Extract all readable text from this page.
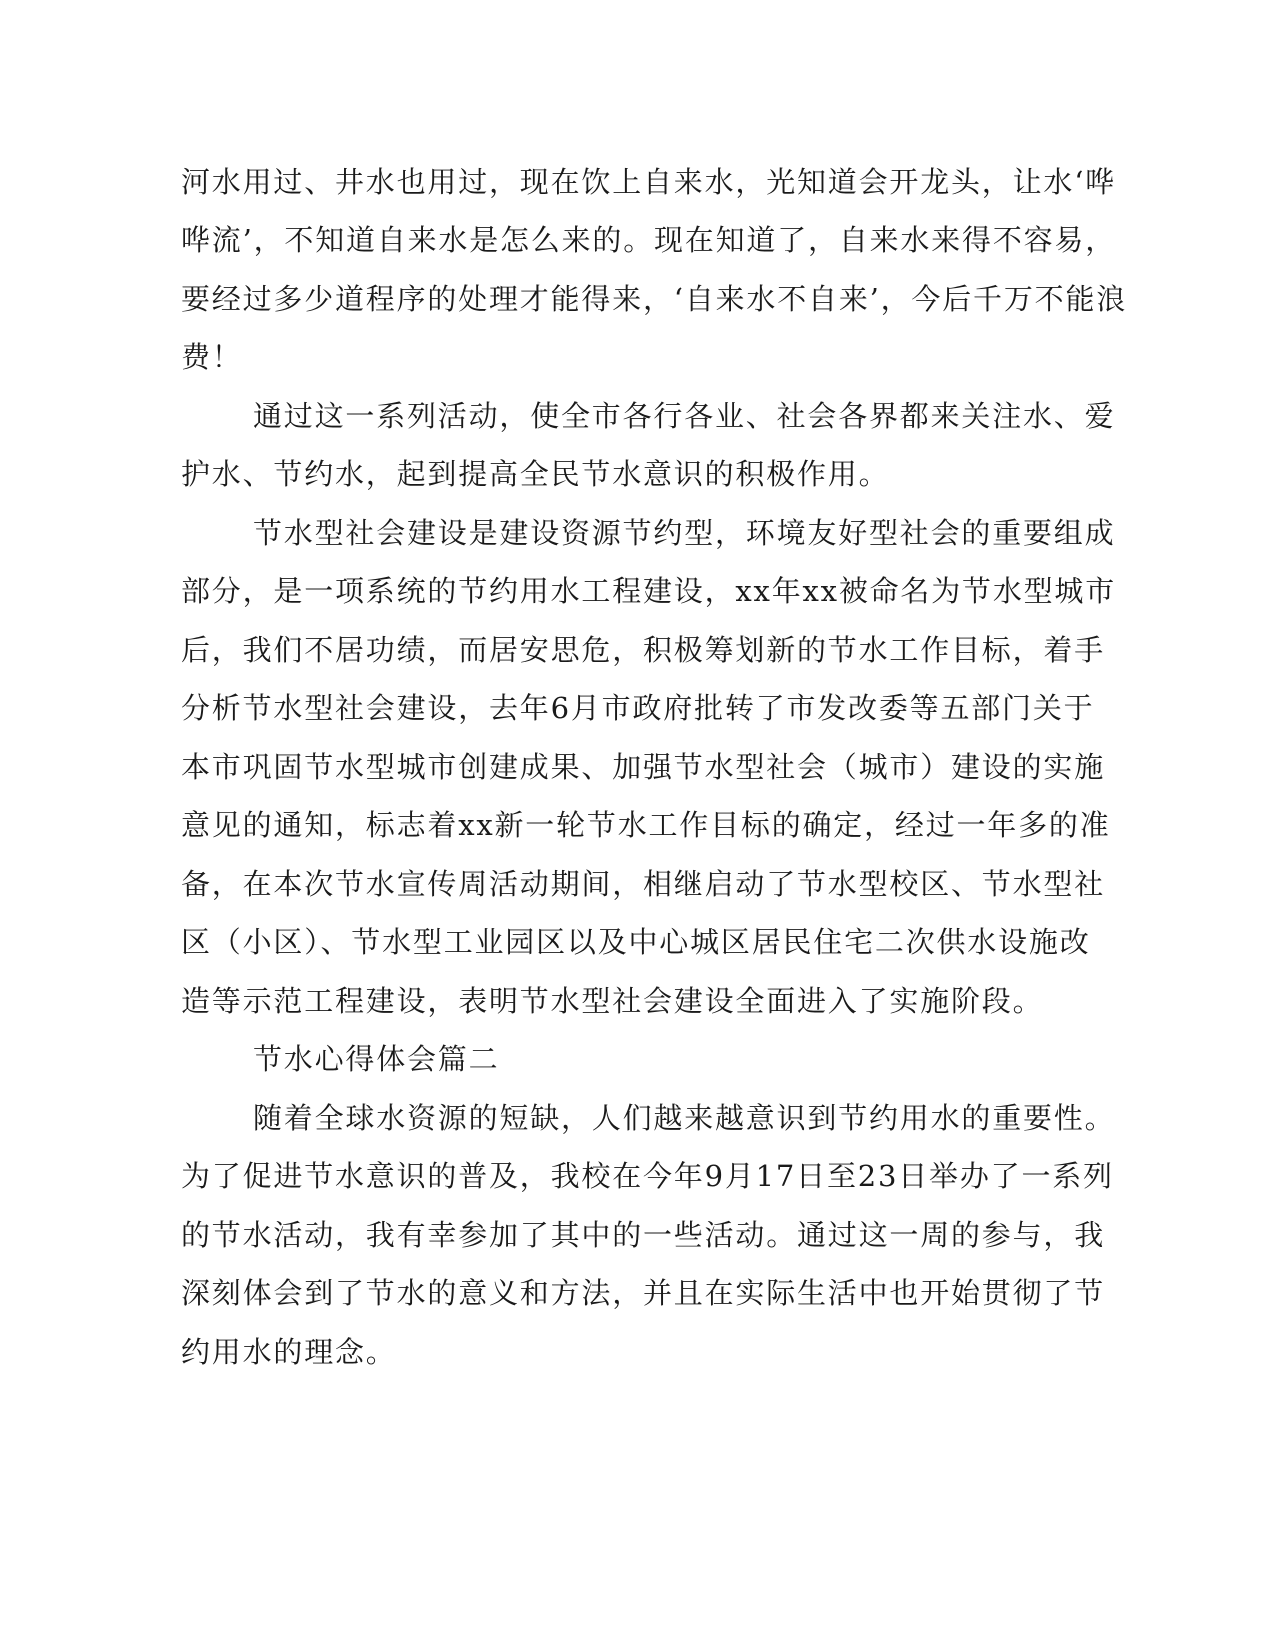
河水用过、井水也用过，现在饮上自来水，光知道会开龙头，让水‘哗
哗流’，不知道自来水是怎么来的。现在知道了，自来水来得不容易，
要经过多少道程序的处理才能得来，‘自来水不自来’，今后千万不能浪
费！
通过这一系列活动，使全市各行各业、社会各界都来关注水、爱
护水、节约水，起到提高全民节水意识的积极作用。
节水型社会建设是建设资源节约型，环境友好型社会的重要组成
部分，是一项系统的节约用水工程建设，xx年xx被命名为节水型城市
后，我们不居功绩，而居安思危，积极筹划新的节水工作目标，着手
分析节水型社会建设，去年6月市政府批转了市发改委等五部门关于
本市巩固节水型城市创建成果、加强节水型社会（城市）建设的实施
意见的通知，标志着xx新一轮节水工作目标的确定，经过一年多的准
备，在本次节水宣传周活动期间，相继启动了节水型校区、节水型社
区（小区）、节水型工业园区以及中心城区居民住宅二次供水设施改
造等示范工程建设，表明节水型社会建设全面进入了实施阶段。
节水心得体会篇二
随着全球水资源的短缺，人们越来越意识到节约用水的重要性。
为了促进节水意识的普及，我校在今年9月17日至23日举办了一系列
的节水活动，我有幸参加了其中的一些活动。通过这一周的参与，我
深刻体会到了节水的意义和方法，并且在实际生活中也开始贯彻了节
约用水的理念。
